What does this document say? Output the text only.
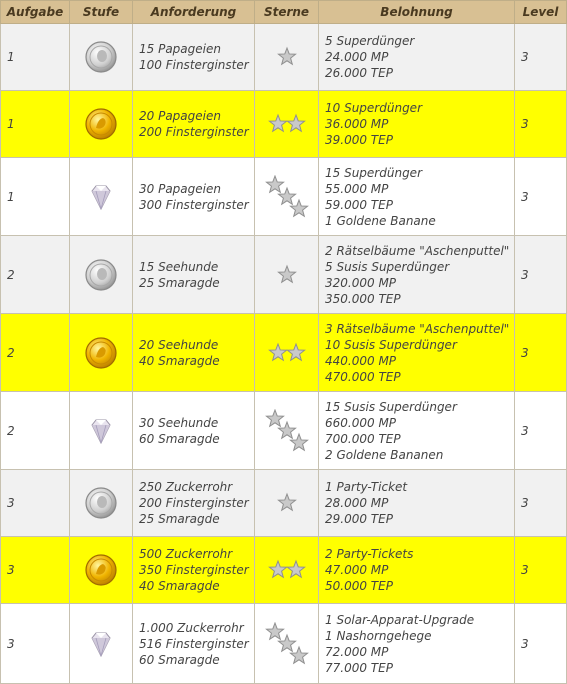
Aufgabe	Stufe	Anforderung	Sterne	Belohnung	Level
1		15 Papageien
100 Finsterginster		5 Superdünger
24.000 MP
26.000 TEP	3
1		20 Papageien
200 Finsterginster		10 Superdünger
36.000 MP
39.000 TEP	3
1		30 Papageien
300 Finsterginster		15 Superdünger
55.000 MP
59.000 TEP
1 Goldene Banane	3
2		15 Seehunde
25 Smaragde		2 Rätselbäume "Aschenputtel"
5 Susis Superdünger
320.000 MP
350.000 TEP	3
2		20 Seehunde
40 Smaragde		3 Rätselbäume "Aschenputtel"
10 Susis Superdünger
440.000 MP
470.000 TEP	3
2		30 Seehunde
60 Smaragde		15 Susis Superdünger
660.000 MP
700.000 TEP
2 Goldene Bananen	3
3		250 Zuckerrohr
200 Finsterginster
25 Smaragde		1 Party-Ticket
28.000 MP
29.000 TEP	3
3		500 Zuckerrohr
350 Finsterginster
40 Smaragde		2 Party-Tickets
47.000 MP
50.000 TEP	3
3		1.000 Zuckerrohr
516 Finsterginster
60 Smaragde		1 Solar-Apparat-Upgrade
1 Nashorngehege
72.000 MP
77.000 TEP	3
